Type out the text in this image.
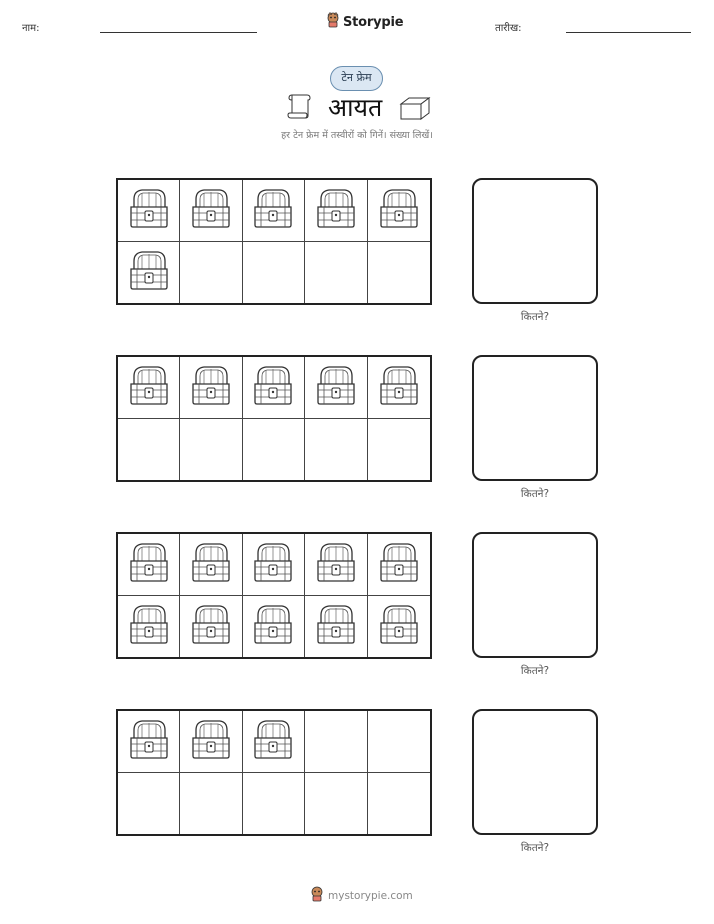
नाम:	Storypie	तारीख:
टेन फ्रेम
आयत
हर टेन फ्रेम में तस्वीरों को गिनें। संख्या लिखें।
कितने?
कितने?
कितने?
कितने?
mystorypie.com
